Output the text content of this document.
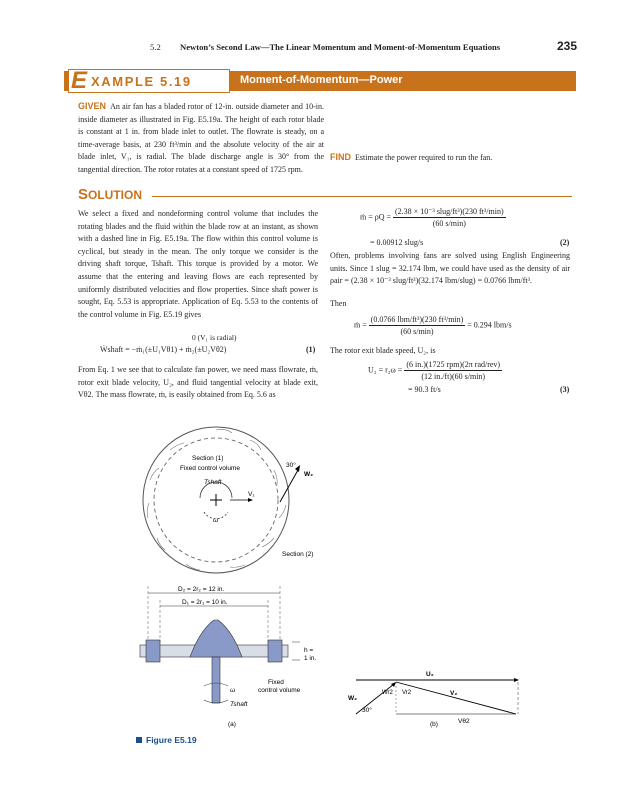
5.2 Newton’s Second Law—The Linear Momentum and Moment-of-Momentum Equations	235
E XAMPLE 5.19	Moment-of-Momentum—Power
GIVEN An air fan has a bladed rotor of 12-in. outside diameter and 10-in. inside diameter as illustrated in Fig. E5.19a. The height of each rotor blade is constant at 1 in. from blade inlet to outlet. The flowrate is steady, on a time-average basis, at 230 ft³/min and the absolute velocity of the air at blade inlet, V₁, is radial. The blade discharge angle is 30° from the tangential direction. The rotor rotates at a constant speed of 1725 rpm.
FIND Estimate the power required to run the fan.
SOLUTION
We select a fixed and nondeforming control volume that includes the rotating blades and the fluid within the blade row at an instant, as shown with a dashed line in Fig. E5.19a. The flow within this control volume is cyclical, but steady in the mean. The only torque we consider is the driving shaft torque, Tshaft. This torque is provided by a motor. We assume that the entering and leaving flows are each represented by uniformly distributed velocities and flow properties. Since shaft power is sought, Eq. 5.53 is appropriate. Application of Eq. 5.53 to the contents of the control volume in Fig. E5.19 gives
0 (V₁ is radial)
Ẇshaft = −ṁ₁(±U₁Vθ1) + ṁ₂(±U₂Vθ2)	(1)
From Eq. 1 we see that to calculate fan power, we need mass flowrate, ṁ, rotor exit blade velocity, U₂, and fluid tangential velocity at blade exit, Vθ2. The mass flowrate, ṁ, is easily obtained from Eq. 5.6 as
ṁ = $\rho Q = \frac{\text{(2.38 × 10⁻³ slug/ft³)(230 ft³/min)}}{(60 s/\min)}$
= 0.00912 slug/s	(2)
Often, problems involving fans are solved using English Engineering units. Since 1 slug = 32.174 lbm, we could have used as the density of air ρair = (2.38 × 10⁻³ slug/ft³)(32.174 lbm/slug) = 0.0766 lbm/ft³.
Then
ṁ = $\frac{\text{(0.0766 lbm/ft³)(230 ft³/min)}}{(60 s/\min)} = 0.294$ lbm/s
The rotor exit blade speed, U₂, is
$U_2 = r_2\omega = \frac{\text{(6 in.)(1725 rpm)(2π rad/rev)}}{(12 in./ft)(60 s/\min)}$
= 90.3 ft/s	(3)
Section (1)
Fixed control volume
Tshaft
ω
V₁
30°
W₂
Section (2)
D₂ = 2r₂ = 12 in.
D₁ = 2r₁ = 10 in.
h =
1 in.
Fixed
control volume
ω
Tshaft
(a)
U₂
W₂
Wr2 Vr2	V₂
Vθ2
30°
(b)
Figure E5.19
